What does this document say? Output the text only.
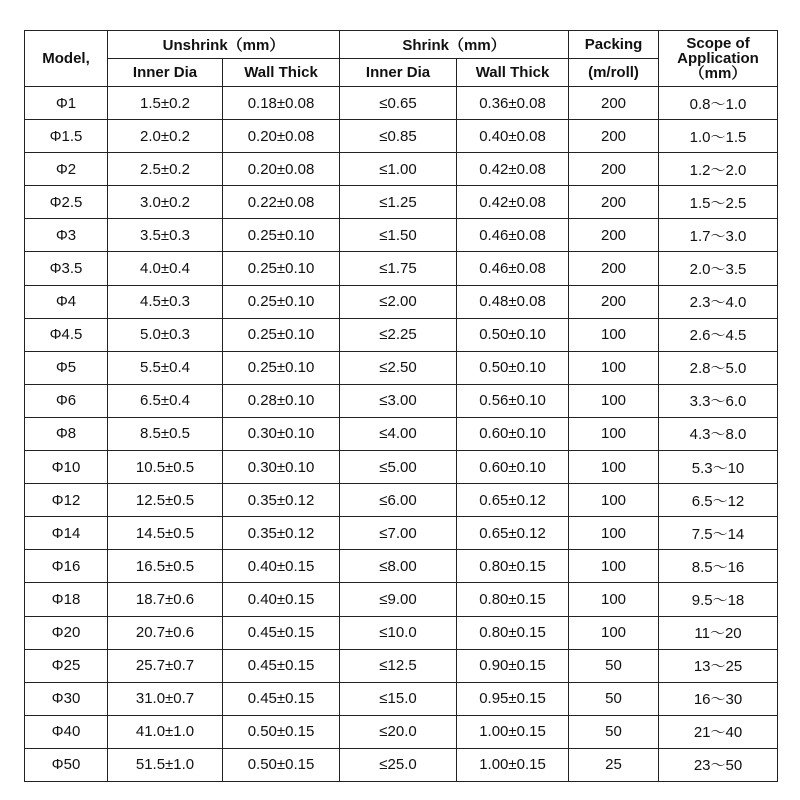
Model,	Unshrink（mm）		Shrink（mm）		Packing	Scope of
Application
（mm）

	Inner Dia	Wall Thick	Inner Dia	Wall Thick	(m/roll)	
Φ1	1.5±0.2	0.18±0.08	≤0.65	0.36±0.08	200	0.8～1.0
Φ1.5	2.0±0.2	0.20±0.08	≤0.85	0.40±0.08	200	1.0～1.5
Φ2	2.5±0.2	0.20±0.08	≤1.00	0.42±0.08	200	1.2～2.0
Φ2.5	3.0±0.2	0.22±0.08	≤1.25	0.42±0.08	200	1.5～2.5
Φ3	3.5±0.3	0.25±0.10	≤1.50	0.46±0.08	200	1.7～3.0
Φ3.5	4.0±0.4	0.25±0.10	≤1.75	0.46±0.08	200	2.0～3.5
Φ4	4.5±0.3	0.25±0.10	≤2.00	0.48±0.08	200	2.3～4.0
Φ4.5	5.0±0.3	0.25±0.10	≤2.25	0.50±0.10	100	2.6～4.5
Φ5	5.5±0.4	0.25±0.10	≤2.50	0.50±0.10	100	2.8～5.0
Φ6	6.5±0.4	0.28±0.10	≤3.00	0.56±0.10	100	3.3～6.0
Φ8	8.5±0.5	0.30±0.10	≤4.00	0.60±0.10	100	4.3～8.0
Φ10	10.5±0.5	0.30±0.10	≤5.00	0.60±0.10	100	5.3～10
Φ12	12.5±0.5	0.35±0.12	≤6.00	0.65±0.12	100	6.5～12
Φ14	14.5±0.5	0.35±0.12	≤7.00	0.65±0.12	100	7.5～14
Φ16	16.5±0.5	0.40±0.15	≤8.00	0.80±0.15	100	8.5～16
Φ18	18.7±0.6	0.40±0.15	≤9.00	0.80±0.15	100	9.5～18
Φ20	20.7±0.6	0.45±0.15	≤10.0	0.80±0.15	100	11～20
Φ25	25.7±0.7	0.45±0.15	≤12.5	0.90±0.15	50	13～25
Φ30	31.0±0.7	0.45±0.15	≤15.0	0.95±0.15	50	16～30
Φ40	41.0±1.0	0.50±0.15	≤20.0	1.00±0.15	50	21～40
Φ50	51.5±1.0	0.50±0.15	≤25.0	1.00±0.15	25	23～50
